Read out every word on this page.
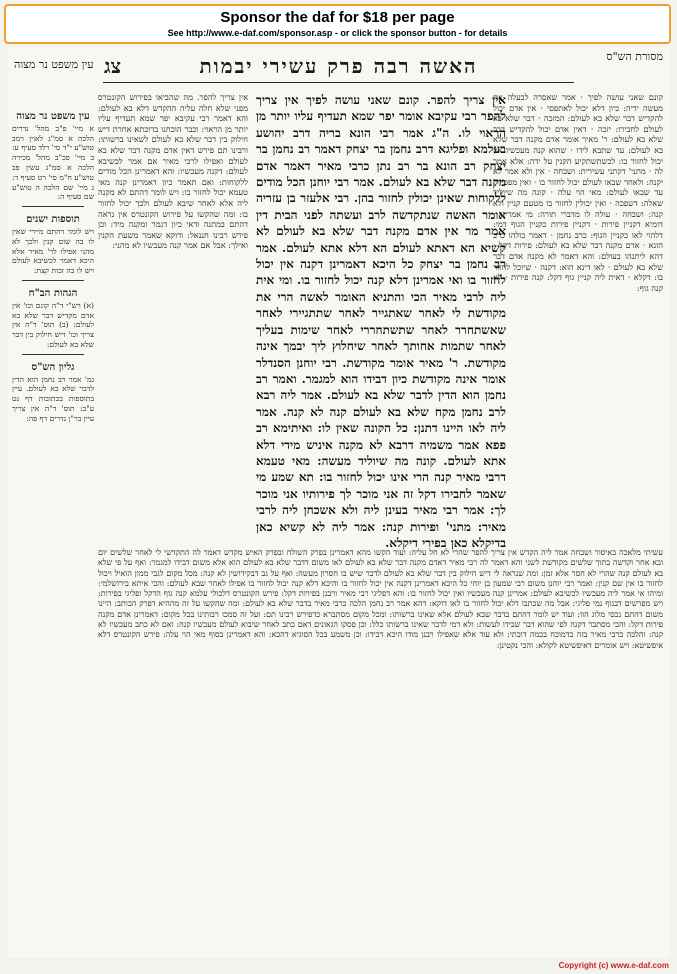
Sponsor the daf for $18 per page
See http://www.e-daf.com/sponsor.asp - or click the sponsor button - for details
מסורת הש"ס
האשה רבה פרק עשירי יבמות
צג
עין משפט נר מצוה

קונם שאני עושה לפיך · אמר שאסרה לבעלה את מעשה ידיה: כיון דלא יכול לאתפסי · אין אדם יכול להקדיש דבר שלא בא לעולם: המזכה · דבר שלא בא לעולם לחבירו: יזכה · דאין אדם יכול להקדיש דבר שלא בא לעולם: ר' מאיר אומר אדם מקנה דבר שלא בא לעולם: עד שתבא לידו · שהוא קנה מעכשיו אין יכול לחזור בו: לכשתשתקיע הקנין על ידה: אלא אמר לה · מתני' דקתני עשירית: ושבחה · אין ולא אמר לא יקנה: ולאחר שבאו לעולם יכול לחזור בו · ואין מפסידין עד שבאו לעולם: מאי הוי עלה · קונה מה שיוליד שאלה: דשפכה · ואין יכולין לחזור בו מטעם קניין ולא קנה: ושבחה · עולה לו מדברי תורה: מי אמרינן · דומיא דקניין פירות · דקניין פירות כקניין הגוף דמי: דלהוי לאו כקניין הגוף: כרב נחמן · דאמר כולהו כרב הונא · אדם מקנה דבר שלא בא לעולם: פירות דקל · דהא ליתנהו בעולם: והא דאמר לא מקנה אדם דבר שלא בא לעולם · לאו דינא הוא: דקנה · שיוכל לחזור בו: דקלא · דאית ליה קניין גוף דקל: קנה פירות · לא קנה גוף:

אין צריך להפר. קונם שאני עושה לפיך אין צריך להפר רבי עקיבא אומר יפר שמא תעדיף עליו יותר מן הראוי לו. ה"ג אמר רבי הונא בריה דרב יהושע בעלמא ופליגא דרב נחמן בר יצחק דאמר רב נחמן בר יצחק רב הונא בר רב נתן כרבי מאיר דאמר אדם מקנה דבר שלא בא לעולם. אמר רבי יוחנן הכל מודים ללקוחות שאינן יכולין לחזור בהן. רבי אלעזר בן עזריה אומר האשה שנתקדשה לרב ועשתה לפני הבית דין אמר מר אין אדם מקנה דבר שלא בא לעולם לא קשיא הא דאתא לעולם הא דלא אתא לעולם. אמר רב נחמן בר יצחק כל היכא דאמרינן דקנה אין יכול לחזור בו ואי אמרינן דלא קנה יכול לחזור בו. ומי אית ליה לרבי מאיר הכי והתניא האומר לאשה הרי את מקודשת לי לאחר שאתגייר לאחר שתתגיירי לאחר שאשתחרר לאחר שתשתחררי לאחר שימות בעליך לאחר שתמות אחותך לאחר שיחלוץ ליך יבמך אינה מקודשת. ר' מאיר אומר מקודשת. רבי יוחנן הסנדלר אומר אינה מקודשת כיון דבידו הוא למגמר. ואמר רב נחמן הוא הדין לדבר שלא בא לעולם. אמר ליה רבא לרב נחמן מקח שלא בא לעולם קנה לא קנה. אמר ליה לאו היינו דתנן: כל הקונה שאין לו: ואיתימא רב פפא אמר משמיה דרבא לא מקנה איניש מידי דלא אתא לעולם. קונה מה שיוליד מעשה: מאי טעמא דרבי מאיר קנה הרי אינו יכול לחזור בו: תא שמע מי שאמר לחבירו דקל זה אני מוכר לך פירותיו אני מוכר לך: אמר רבי מאיר בעינן ליה ולא אשכחן ליה לרבי מאיר: מתני' ופירות קנה: אמר ליה לא קשיא כאן בדיקלא כאן בפירי דיקלא.

אין צריך להפר. מה שהביאו בפירוש הקונטרס מפני שלא חלה עליה ההקדש דלא בא לעולם: והא דאמר רבי עקיבא יפר שמא תעדיף עליו יותר מן הראוי: וכבר הוכחנו בדוכתא אחרת דיש חילוק בין דבר שלא בא לעולם לשאינו ברשותו: ורבינו תם פירש דאין אדם מקנה דבר שלא בא לעולם ואפילו לרבי מאיר אם אמר לכשיבא לעולם: דקנה מעכשיו: והא דאמרינן הכל מודים ללקוחות: ואם תאמר כיון דאמרינן קנה מאי טעמא יכול לחזור בו: ויש לומר דהתם לא מקנה ליה אלא לאחר שיבא לעולם ולכך יכול לחזור בו: ומה שהקשו על פירוש הקונטרס אין נראה דהתם במתנה ודאי כיון דגמר ומקנה מיד: וכן פירש רבינו חננאל: ודוקא שאמר משעת הקנין ואילך: אבל אם אמר קנה מעכשיו לא מהני:

עשיתי מלאכה באיסור ושבחה אמר ליה הקדש אין צריך להפר שהרי לא חל עליה: ועוד הקשו מהא דאמרינן בפרק השולח ובפרק האיש מקדש דאמר לה התקדשי לי לאחר שלשים יום ובא אחר וקדשה בתוך שלשים מקודשת לשני והא דאמר לה רבי מאיר דאדם מקנה דבר שלא בא לעולם לאו משום דדבר שלא בא לעולם הוא אלא משום דבידו למגמר: ואף על פי שלא בא לעולם קנה שהרי לא חסר אלא זמן: ומה שנראה לי דיש חילוק בין דבר שלא בא לעולם לדבר שיש בו חסרון מעשה: ואף על גב דבקידושין לא קנה: מכל מקום לגבי ממון הואיל ויכול לחזור בו אין שם קנין: ואמר רבי יוחנן משום רבי שמעון בן יוחי כל היכא דאמרינן דקנה אין יכול לחזור בו והיכא דלא קנה יכול לחזור בו אפילו לאחר שבא לעולם: והכי איתא בירושלמי: ומיהו אי אמר ליה מעכשיו לכשיבא לעולם: אמרינן קנה מעכשיו ואין יכול לחזור בו: והא דפליגי רבי מאיר ורבנן בפירות דקל: פירש הקונטרס דלכולי עלמא קנה גוף הדקל ופליגי בפירות: ויש מפרשים דבגוף נמי פליגי: אבל מה שכתבו דלא יכול לחזור בו לאו דוקא: דהא אמר רב נחמן הלכה כרבי מאיר בדבר שלא בא לעולם: ומה שהקשו על זה מההיא דפרק הכותב: היינו משום דהתם נכסי מלוג הוו: ועוד יש לומר דהתם בדבר שבא לעולם אלא שאינו ברשותו: ומכל מקום מסתברא כדפירש רבינו תם: ועל זה סמכו רבותינו בכל מקום: דאמרינן אדם מקנה פירות דקל: והכי מסתבר דקנה לפי שהוא דבר שבידו לעשות: ולא דמי לדבר שאינו ברשותו כלל: וכן פסקו הגאונים דאם כתב לאחר שיבוא לעולם מעכשיו קנה: ואם לא כתב מעכשיו לא קנה: והלכה כרבי מאיר בזה כדמוכח בכמה דוכתי: ולא עוד אלא שאפילו רבנן מודו היכא דבידו: וכן משמע בכל הסוגיא דהכא: והא דאמרינן בסוף מאי הוי עלה: פירש הקונטרס דלא איפשיטא: ויש אומרים דאיפשיטא לקולא: והכי נקטינן:

עין משפט נר מצוה

א מיי' פ"ב מהל' נדרים הלכה א סמ"ג לאוין רמב טוש"ע י"ד סי' רלד סעיף ע: ב מיי' פכ"ב מהל' מכירה הלכה א סמ"ג עשין פב טוש"ע ח"מ סי' רט סעיף ד: ג מיי' שם הלכה ה טוש"ע שם סעיף ה:

תוספות ישנים

ויש לומר דהתם מיירי שאין לו בה שום קנין ולכך לא מהני אפילו לר' מאיר אלא היכא דאמר לכשיבא לעולם ויש לו בה זכות קצת:

הגהות הב"ח

(א) רש"י ד"ה קונם וכו' אין אדם מקדיש דבר שלא בא לעולם: (ב) תוס' ד"ה אין צריך וכו' דיש חילוק בין דבר שלא בא לעולם:

גליון הש"ס

גמ' אמר רב נחמן הוא הדין לדבר שלא בא לעולם. עיין בתוספות בכתובות דף נט ע"ב: תוס' ד"ה אין צריך עיין בר"ן נדרים דף פה:

Copyright (c) www.e-daf.com
